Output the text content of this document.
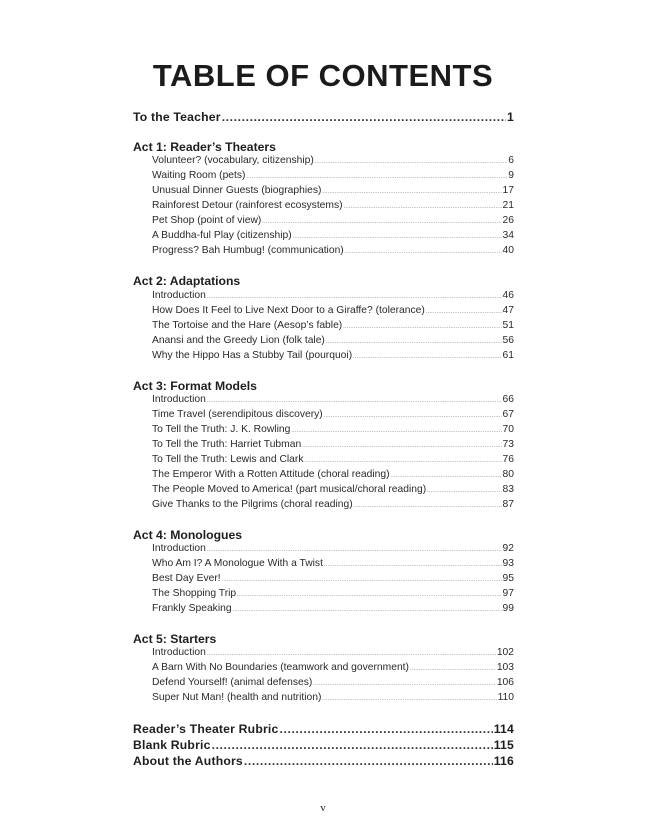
TABLE OF CONTENTS
To the Teacher .....	1
Act 1: Reader’s Theaters
Volunteer? (vocabulary, citizenship) .....	6
Waiting Room (pets) .....	9
Unusual Dinner Guests (biographies) .....	17
Rainforest Detour (rainforest ecosystems) .....	21
Pet Shop (point of view) .....	26
A Buddha-ful Play (citizenship) .....	34
Progress? Bah Humbug! (communication) .....	40
Act 2: Adaptations
Introduction .....	46
How Does It Feel to Live Next Door to a Giraffe? (tolerance) .....	47
The Tortoise and the Hare (Aesop’s fable) .....	51
Anansi and the Greedy Lion (folk tale) .....	56
Why the Hippo Has a Stubby Tail (pourquoi) .....	61
Act 3: Format Models
Introduction .....	66
Time Travel (serendipitous discovery) .....	67
To Tell the Truth: J. K. Rowling .....	70
To Tell the Truth: Harriet Tubman .....	73
To Tell the Truth: Lewis and Clark .....	76
The Emperor With a Rotten Attitude (choral reading) .....	80
The People Moved to America! (part musical/choral reading) .....	83
Give Thanks to the Pilgrims (choral reading) .....	87
Act 4: Monologues
Introduction .....	92
Who Am I? A Monologue With a Twist .....	93
Best Day Ever! .....	95
The Shopping Trip .....	97
Frankly Speaking .....	99
Act 5: Starters
Introduction .....	102
A Barn With No Boundaries (teamwork and government) .....	103
Defend Yourself! (animal defenses) .....	106
Super Nut Man! (health and nutrition) .....	110
Reader’s Theater Rubric .....	114
Blank Rubric .....	115
About the Authors .....	116
v
